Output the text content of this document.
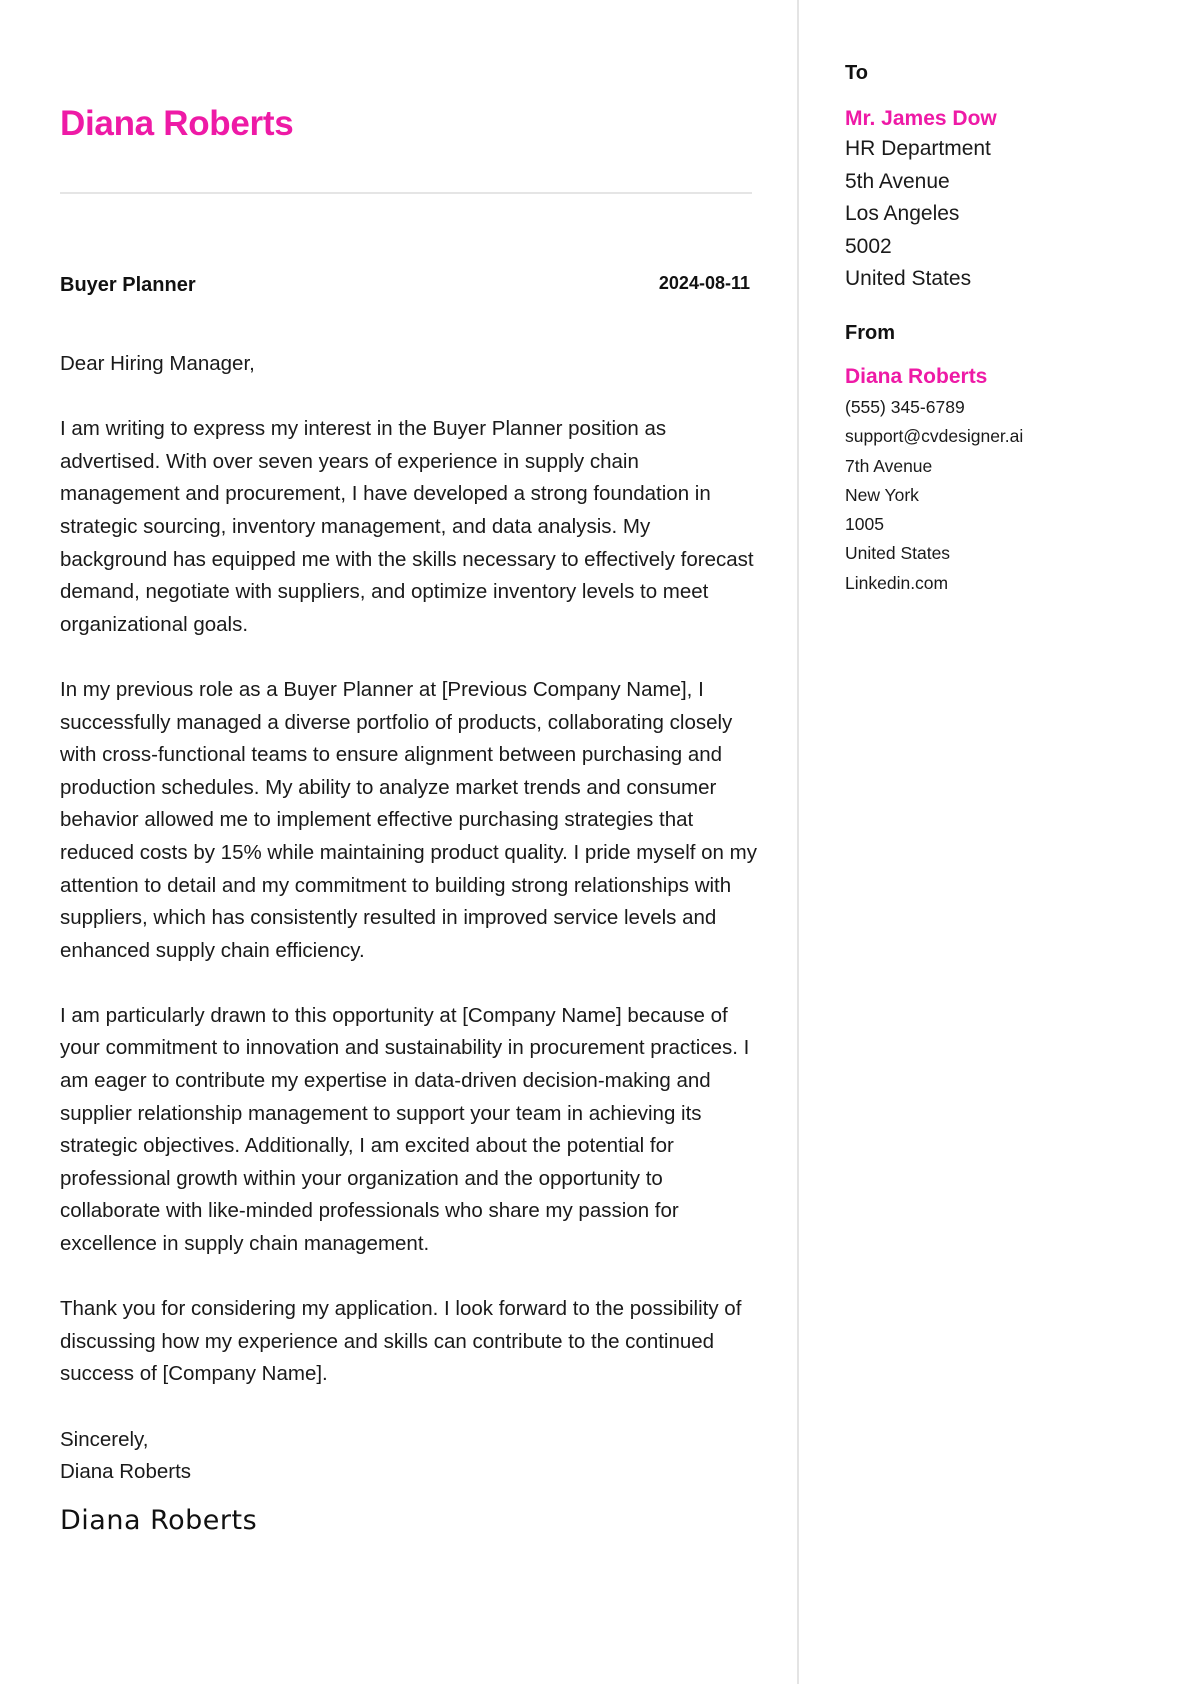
Diana Roberts
Buyer Planner	2024-08-11

Dear Hiring Manager,

I am writing to express my interest in the Buyer Planner position as advertised. With over seven years of experience in supply chain management and procurement, I have developed a strong foundation in strategic sourcing, inventory management, and data analysis. My background has equipped me with the skills necessary to effectively forecast demand, negotiate with suppliers, and optimize inventory levels to meet organizational goals.

In my previous role as a Buyer Planner at [Previous Company Name], I successfully managed a diverse portfolio of products, collaborating closely with cross-functional teams to ensure alignment between purchasing and production schedules. My ability to analyze market trends and consumer behavior allowed me to implement effective purchasing strategies that reduced costs by 15% while maintaining product quality. I pride myself on my attention to detail and my commitment to building strong relationships with suppliers, which has consistently resulted in improved service levels and enhanced supply chain efficiency.

I am particularly drawn to this opportunity at [Company Name] because of your commitment to innovation and sustainability in procurement practices. I am eager to contribute my expertise in data-driven decision-making and supplier relationship management to support your team in achieving its strategic objectives. Additionally, I am excited about the potential for professional growth within your organization and the opportunity to collaborate with like-minded professionals who share my passion for excellence in supply chain management.

Thank you for considering my application. I look forward to the possibility of discussing how my experience and skills can contribute to the continued success of [Company Name].

Sincerely,
Diana Roberts
Diana Roberts
To
Mr. James Dow
HR Department
5th Avenue
Los Angeles
5002
United States
From
Diana Roberts
(555) 345-6789
support@cvdesigner.ai
7th Avenue
New York
1005
United States
Linkedin.com
